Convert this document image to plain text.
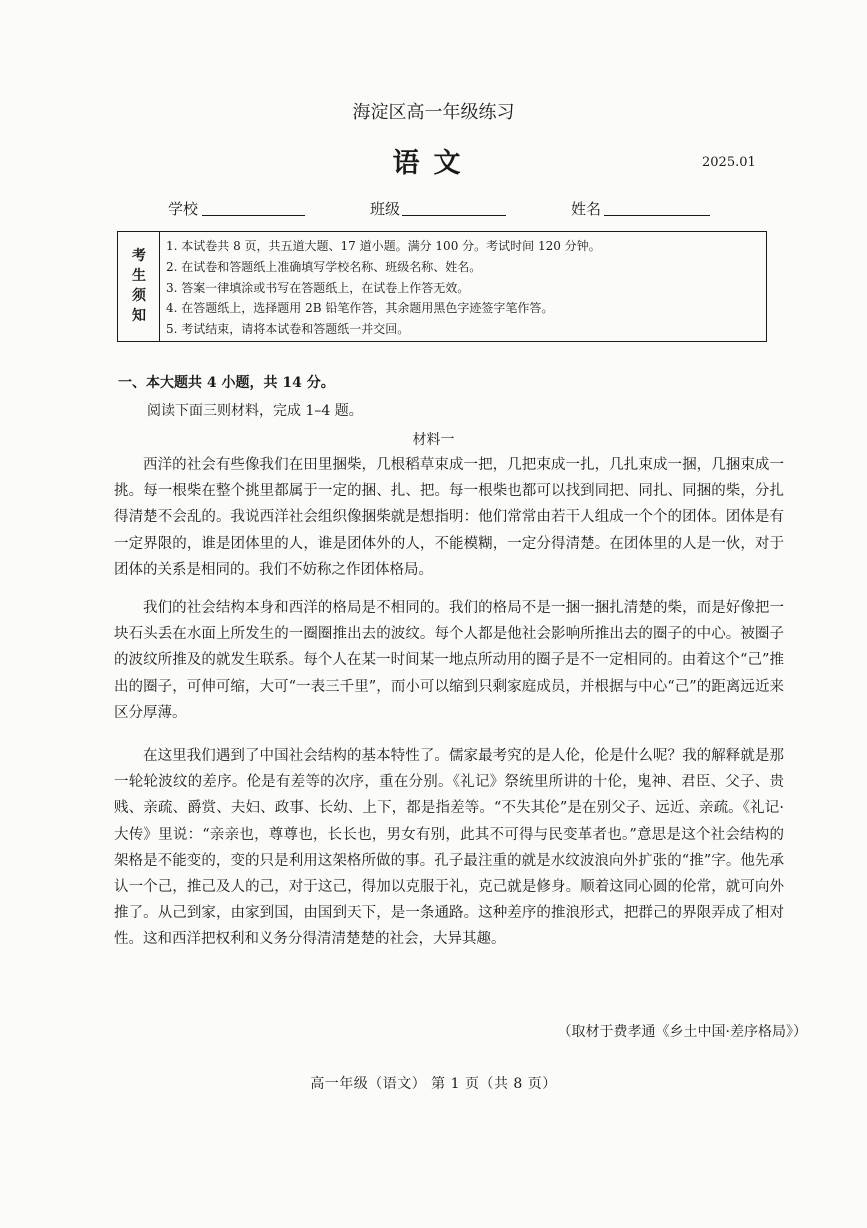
海淀区高一年级练习
语文	2025.01
学校	班级	姓名
考
生
须
知
1. 本试卷共 8 页，共五道大题、17 道小题。满分 100 分。考试时间 120 分钟。
2. 在试卷和答题纸上准确填写学校名称、班级名称、姓名。
3. 答案一律填涂或书写在答题纸上，在试卷上作答无效。
4. 在答题纸上，选择题用 2B 铅笔作答，其余题用黑色字迹签字笔作答。
5. 考试结束，请将本试卷和答题纸一并交回。
一、本大题共 4 小题，共 14 分。
阅读下面三则材料，完成 1–4 题。
材料一
西洋的社会有些像我们在田里捆柴，几根稻草束成一把，几把束成一扎，几扎束成一捆，几捆束成一挑。每一根柴在整个挑里都属于一定的捆、扎、把。每一根柴也都可以找到同把、同扎、同捆的柴，分扎得清楚不会乱的。我说西洋社会组织像捆柴就是想指明：他们常常由若干人组成一个个的团体。团体是有一定界限的，谁是团体里的人，谁是团体外的人，不能模糊，一定分得清楚。在团体里的人是一伙，对于团体的关系是相同的。我们不妨称之作团体格局。
我们的社会结构本身和西洋的格局是不相同的。我们的格局不是一捆一捆扎清楚的柴，而是好像把一块石头丢在水面上所发生的一圈圈推出去的波纹。每个人都是他社会影响所推出去的圈子的中心。被圈子的波纹所推及的就发生联系。每个人在某一时间某一地点所动用的圈子是不一定相同的。由着这个“己”推出的圈子，可伸可缩，大可“一表三千里”，而小可以缩到只剩家庭成员，并根据与中心“己”的距离远近来区分厚薄。
在这里我们遇到了中国社会结构的基本特性了。儒家最考究的是人伦，伦是什么呢？我的解释就是那一轮轮波纹的差序。伦是有差等的次序，重在分别。《礼记》祭统里所讲的十伦，鬼神、君臣、父子、贵贱、亲疏、爵赏、夫妇、政事、长幼、上下，都是指差等。“不失其伦”是在别父子、远近、亲疏。《礼记·大传》里说：“亲亲也，尊尊也，长长也，男女有别，此其不可得与民变革者也。”意思是这个社会结构的架格是不能变的，变的只是利用这架格所做的事。孔子最注重的就是水纹波浪向外扩张的“推”字。他先承认一个己，推己及人的己，对于这己，得加以克服于礼，克己就是修身。顺着这同心圆的伦常，就可向外推了。从己到家，由家到国，由国到天下，是一条通路。这种差序的推浪形式，把群己的界限弄成了相对性。这和西洋把权利和义务分得清清楚楚的社会，大异其趣。
（取材于费孝通《乡土中国·差序格局》）
高一年级（语文） 第 1 页（共 8 页）
